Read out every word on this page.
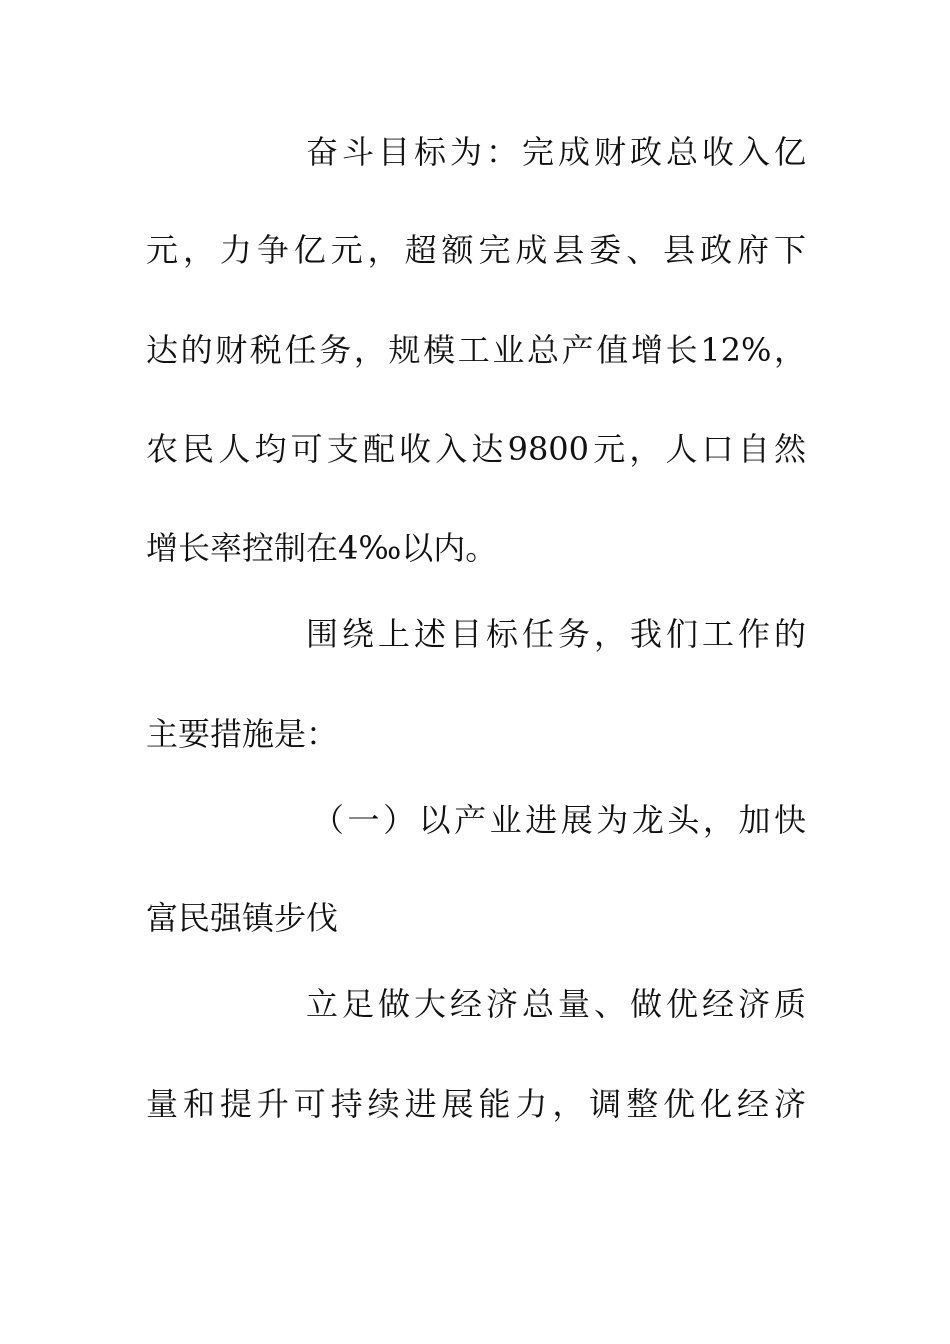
奋斗目标为：完成财政总收入亿
元，力争亿元，超额完成县委、县政府下
达的财税任务，规模工业总产值增长12%，
农民人均可支配收入达9800元，人口自然
增长率控制在4‰以内。
围绕上述目标任务，我们工作的
主要措施是：
（一）以产业进展为龙头，加快
富民强镇步伐
立足做大经济总量、做优经济质
量和提升可持续进展能力，调整优化经济
